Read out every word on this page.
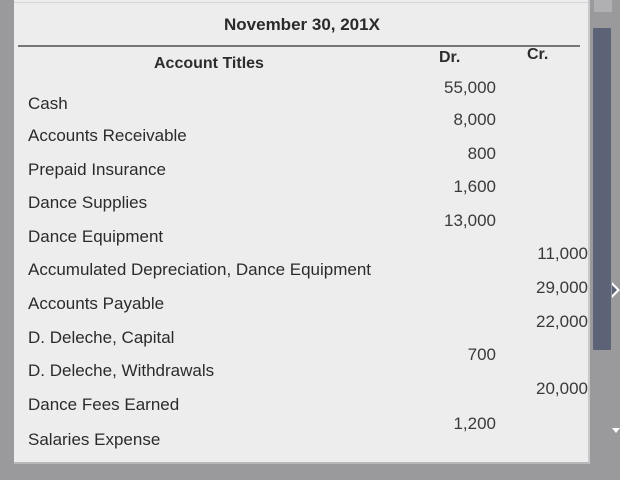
November 30, 201X
Account Titles	Dr.	Cr.
Cash
55,000
Accounts Receivable
8,000
Prepaid Insurance
800
Dance Supplies
1,600
Dance Equipment
13,000
Accumulated Depreciation, Dance Equipment
11,000
Accounts Payable
29,000
D. Deleche, Capital
22,000
D. Deleche, Withdrawals
700
Dance Fees Earned
20,000
Salaries Expense
1,200
